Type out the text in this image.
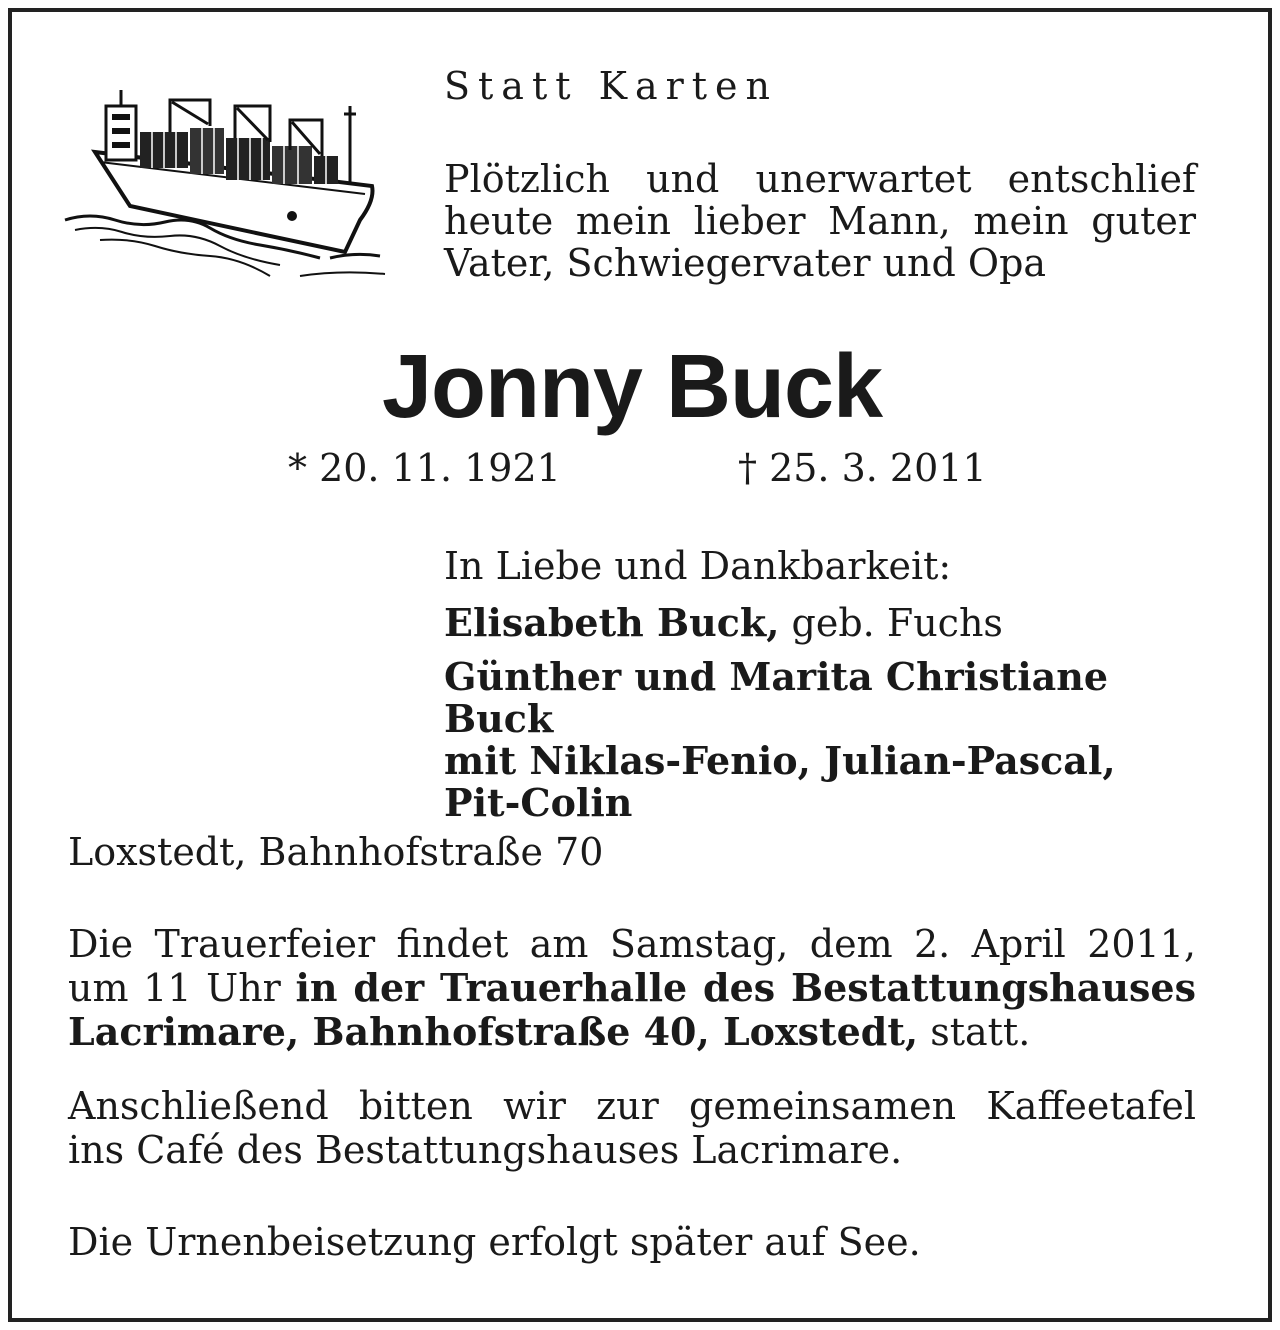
Statt Karten

Plötzlich und unerwartet entschlief
heute mein lieber Mann, mein guter
Vater, Schwiegervater und Opa

Jonny Buck

* 20. 11. 1921	† 25. 3. 2011

In Liebe und Dankbarkeit:

Elisabeth Buck, geb. Fuchs

Günther und Marita Christiane Buck
mit Niklas-Fenio, Julian-Pascal,
Pit-Colin

Loxstedt, Bahnhofstraße 70

Die Trauerfeier findet am Samstag, dem 2. April 2011,
um 11 Uhr in der Trauerhalle des Bestattungshauses
Lacrimare, Bahnhofstraße 40, Loxstedt, statt.

Anschließend bitten wir zur gemeinsamen Kaffeetafel
ins Café des Bestattungshauses Lacrimare.

Die Urnenbeisetzung erfolgt später auf See.
